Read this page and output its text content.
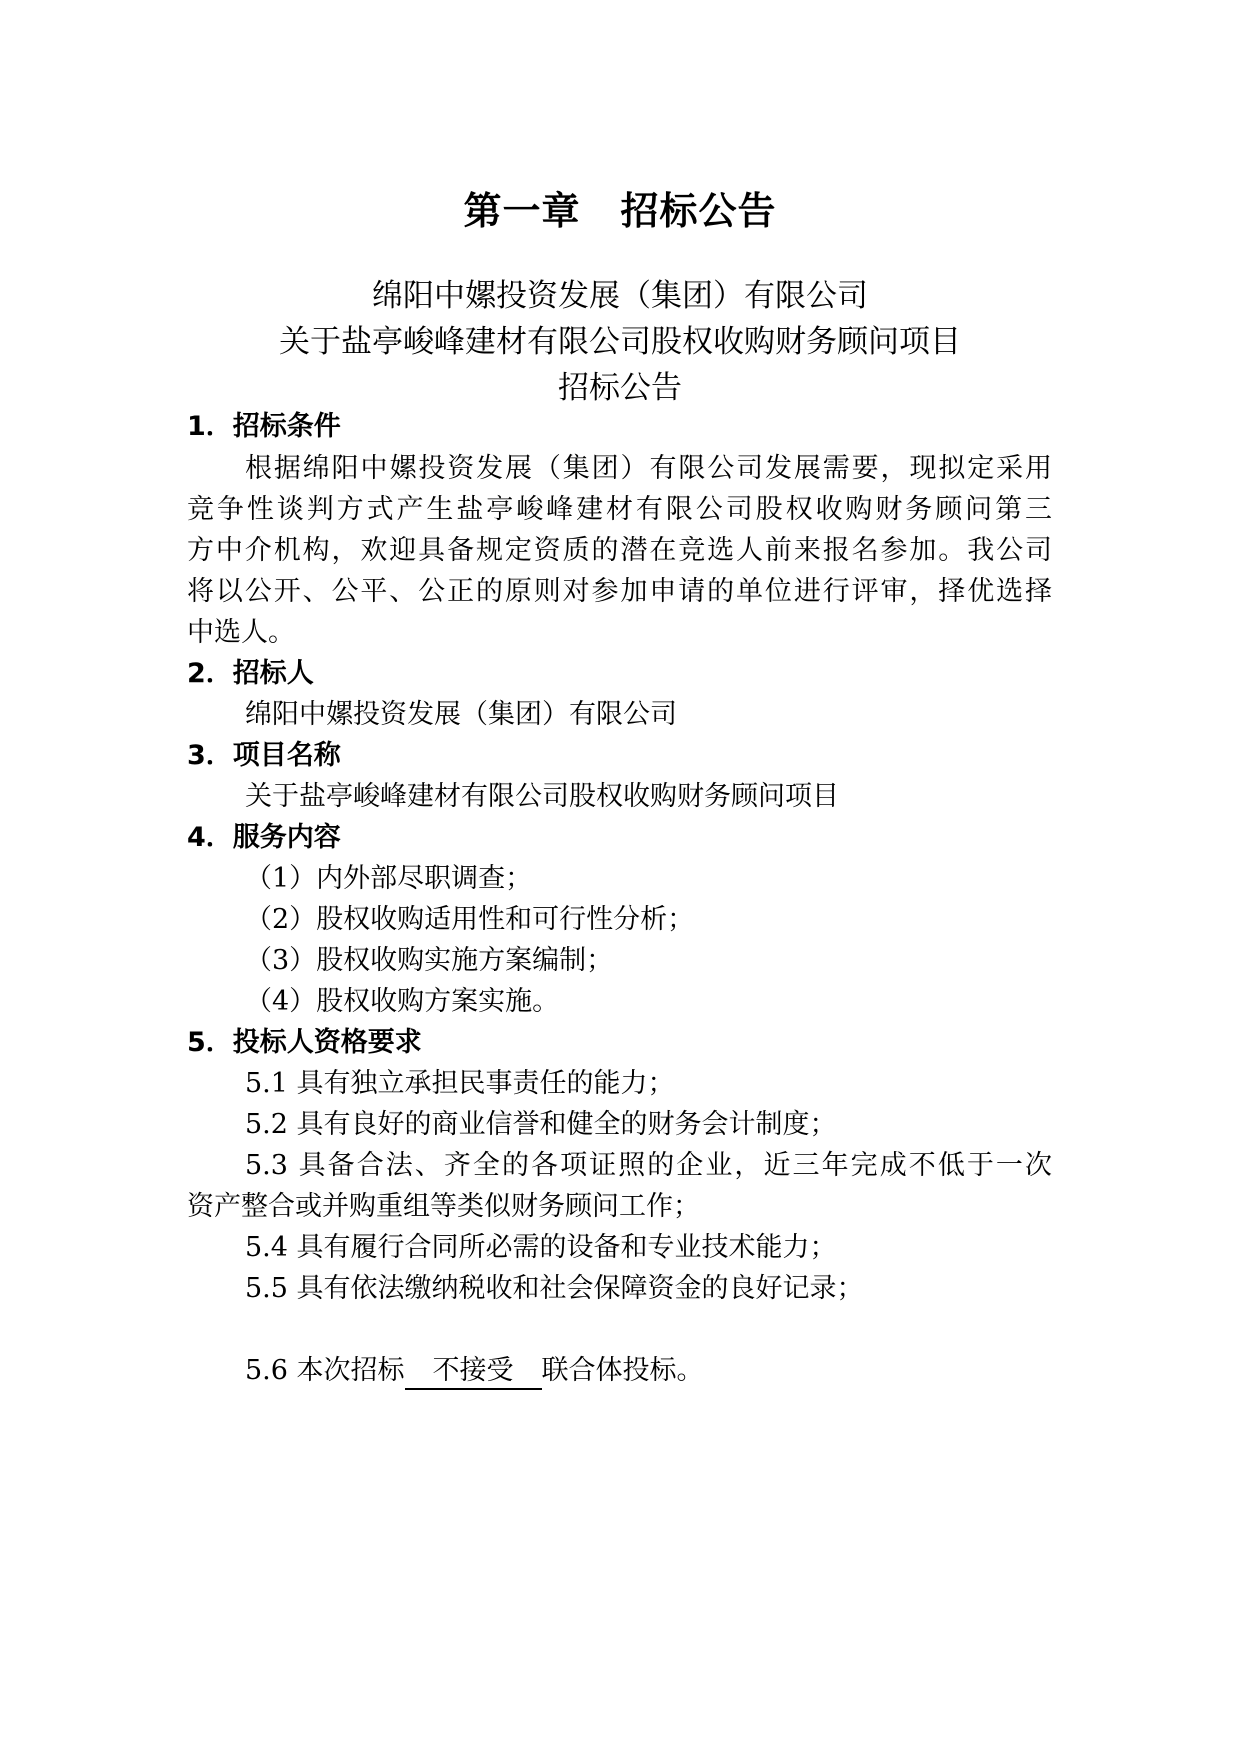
第一章 招标公告
绵阳中嫘投资发展（集团）有限公司
关于盐亭峻峰建材有限公司股权收购财务顾问项目
招标公告
1．招标条件
根据绵阳中嫘投资发展（集团）有限公司发展需要，现拟定采用
竞争性谈判方式产生盐亭峻峰建材有限公司股权收购财务顾问第三
方中介机构，欢迎具备规定资质的潜在竞选人前来报名参加。我公司
将以公开、公平、公正的原则对参加申请的单位进行评审，择优选择
中选人。
2．招标人
绵阳中嫘投资发展（集团）有限公司
3．项目名称
关于盐亭峻峰建材有限公司股权收购财务顾问项目
4．服务内容
（1）内外部尽职调查；
（2）股权收购适用性和可行性分析；
（3）股权收购实施方案编制；
（4）股权收购方案实施。
5．投标人资格要求
5.1 具有独立承担民事责任的能力；
5.2 具有良好的商业信誉和健全的财务会计制度；
5.3 具备合法、齐全的各项证照的企业，近三年完成不低于一次
资产整合或并购重组等类似财务顾问工作；
5.4 具有履行合同所必需的设备和专业技术能力；
5.5 具有依法缴纳税收和社会保障资金的良好记录；
5.6 本次招标 不接受 联合体投标。
